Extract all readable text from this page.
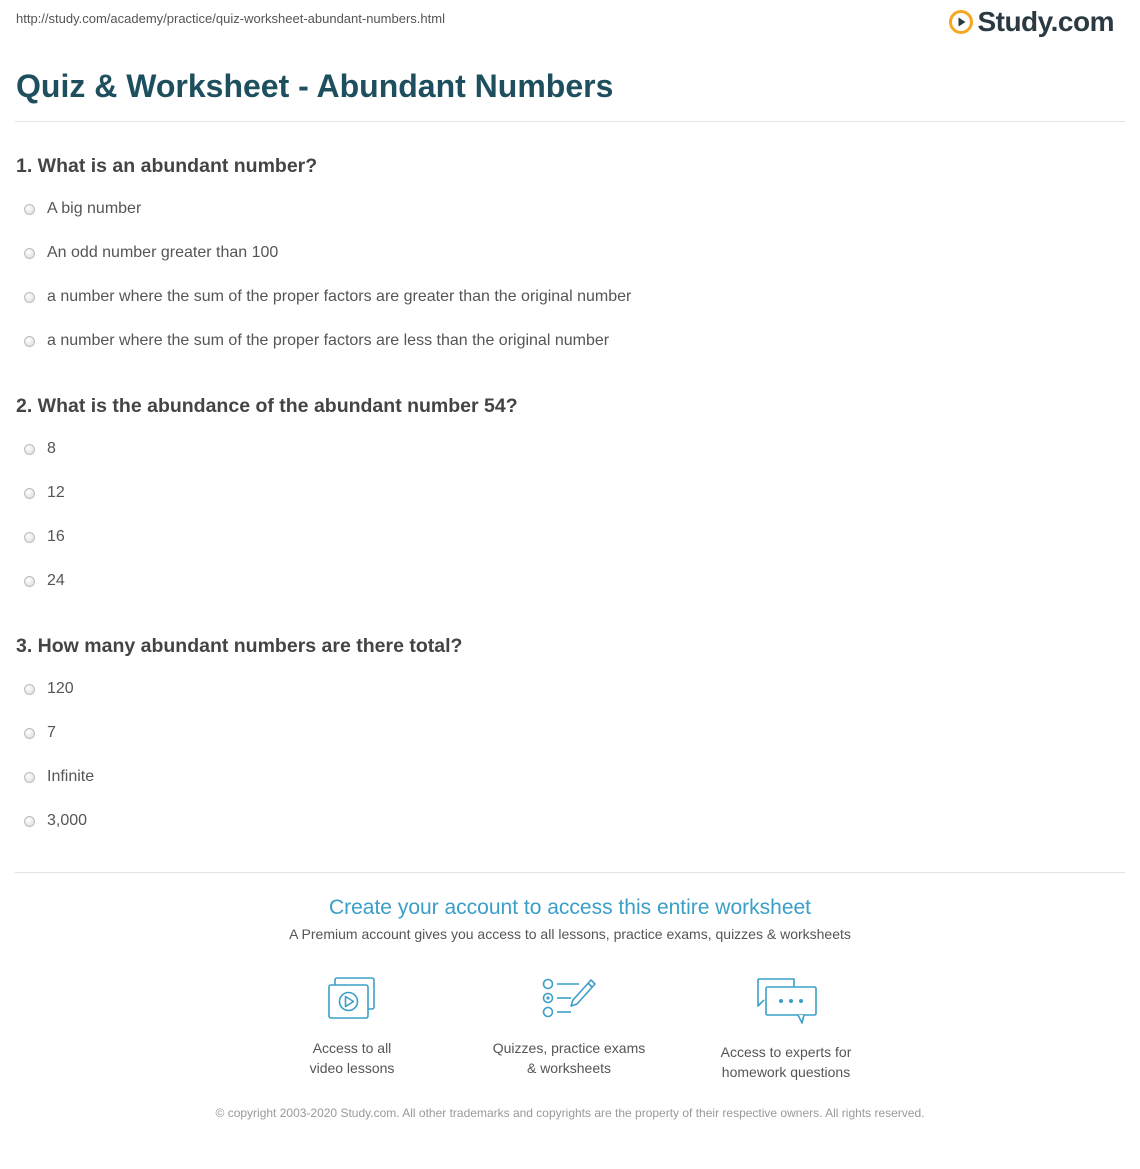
http://study.com/academy/practice/quiz-worksheet-abundant-numbers.html	Study.com
Quiz & Worksheet - Abundant Numbers
1. What is an abundant number?
A big number
An odd number greater than 100
a number where the sum of the proper factors are greater than the original number
a number where the sum of the proper factors are less than the original number
2. What is the abundance of the abundant number 54?
8
12
16
24
3. How many abundant numbers are there total?
120
7
Infinite
3,000
Create your account to access this entire worksheet
A Premium account gives you access to all lessons, practice exams, quizzes & worksheets
Access to all
video lessons
Quizzes, practice exams
& worksheets
Access to experts for
homework questions
© copyright 2003-2020 Study.com. All other trademarks and copyrights are the property of their respective owners. All rights reserved.
